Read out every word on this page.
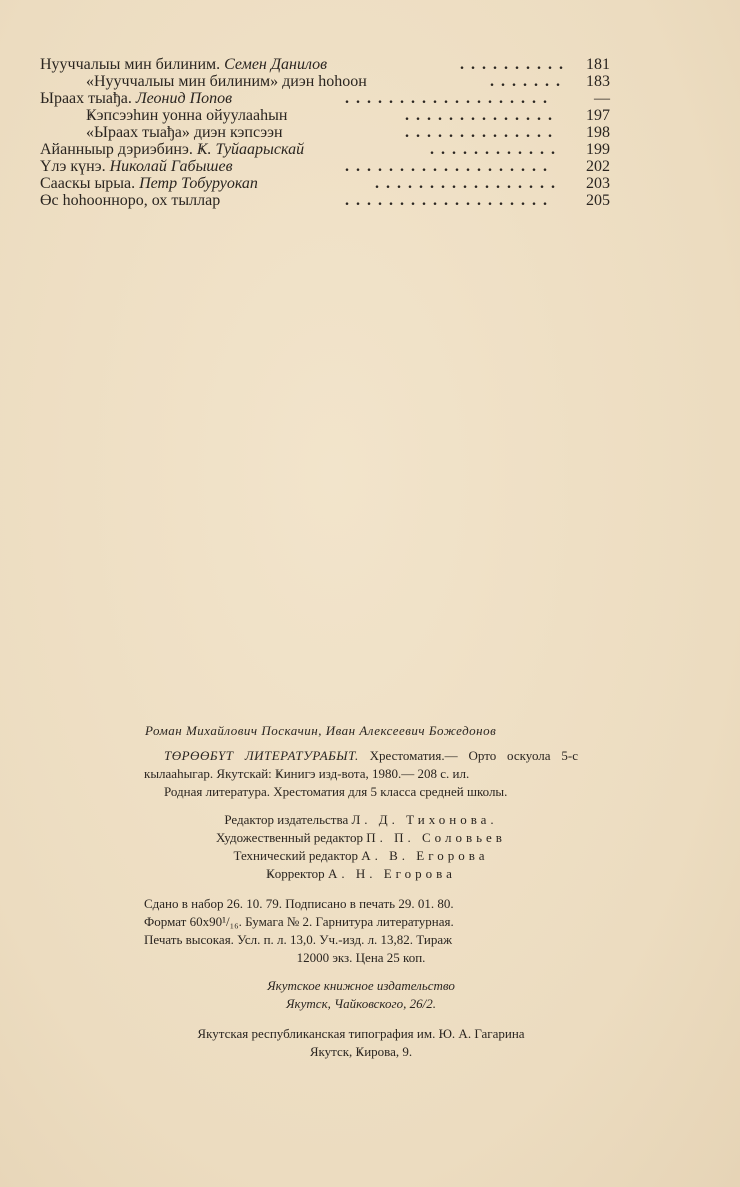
Нууччалыы мин билиним. Семен Данилов	.......... 181
«Нууччалыы мин билиним» диэн һоһоон	....... 183
Ыраах тыађа. Леонид Попов	...................	—
Ҝэпсээһин уонна ойуулааһын	.............. 197
«Ыраах тыађа» диэн кэпсээн	.............. 198
Айанныыр дэриэбинэ. Ҝ. Туйаарыскай	............ 199
Үлэ күнэ. Николай Габышев	................... 202
Сааскы ырыа. Петр Тобуруокап	................. 203
Өс һоһооннoро, ох тыллар	................... 205
Роман Михайлович Поскачин, Иван Алексеевич Божедонов
ТӨРӨӨБҮТ ЛИТЕРАТУРАБЫТ. Хрестоматия.— Орто оскуола 5-с кылааһыгар. Якутскай: Ҝинигэ изд-вота, 1980.— 208 с. ил.
Родная литература. Хрестоматия для 5 класса средней школы.
Редактор издательства Л. Д. Тихонова.
Художественный редактор П. П. Соловьев
Технический редактор А. В. Егорова
Ҝорректор А. Н. Егорова
Сдано в набор 26. 10. 79. Подписано в печать 29. 01. 80.
Формат 60х90¹/₁₆. Бумага № 2. Гарнитура литературная.
Печать высокая. Усл. п. л. 13,0. Уч.-изд. л. 13,82. Тираж
12000 экз. Цена 25 коп.
Якутское книжное издательство
Якутск, Чайковского, 26/2.
Якутская республиканская типография им. Ю. А. Гагарина
Якутск, Ҝирова, 9.
